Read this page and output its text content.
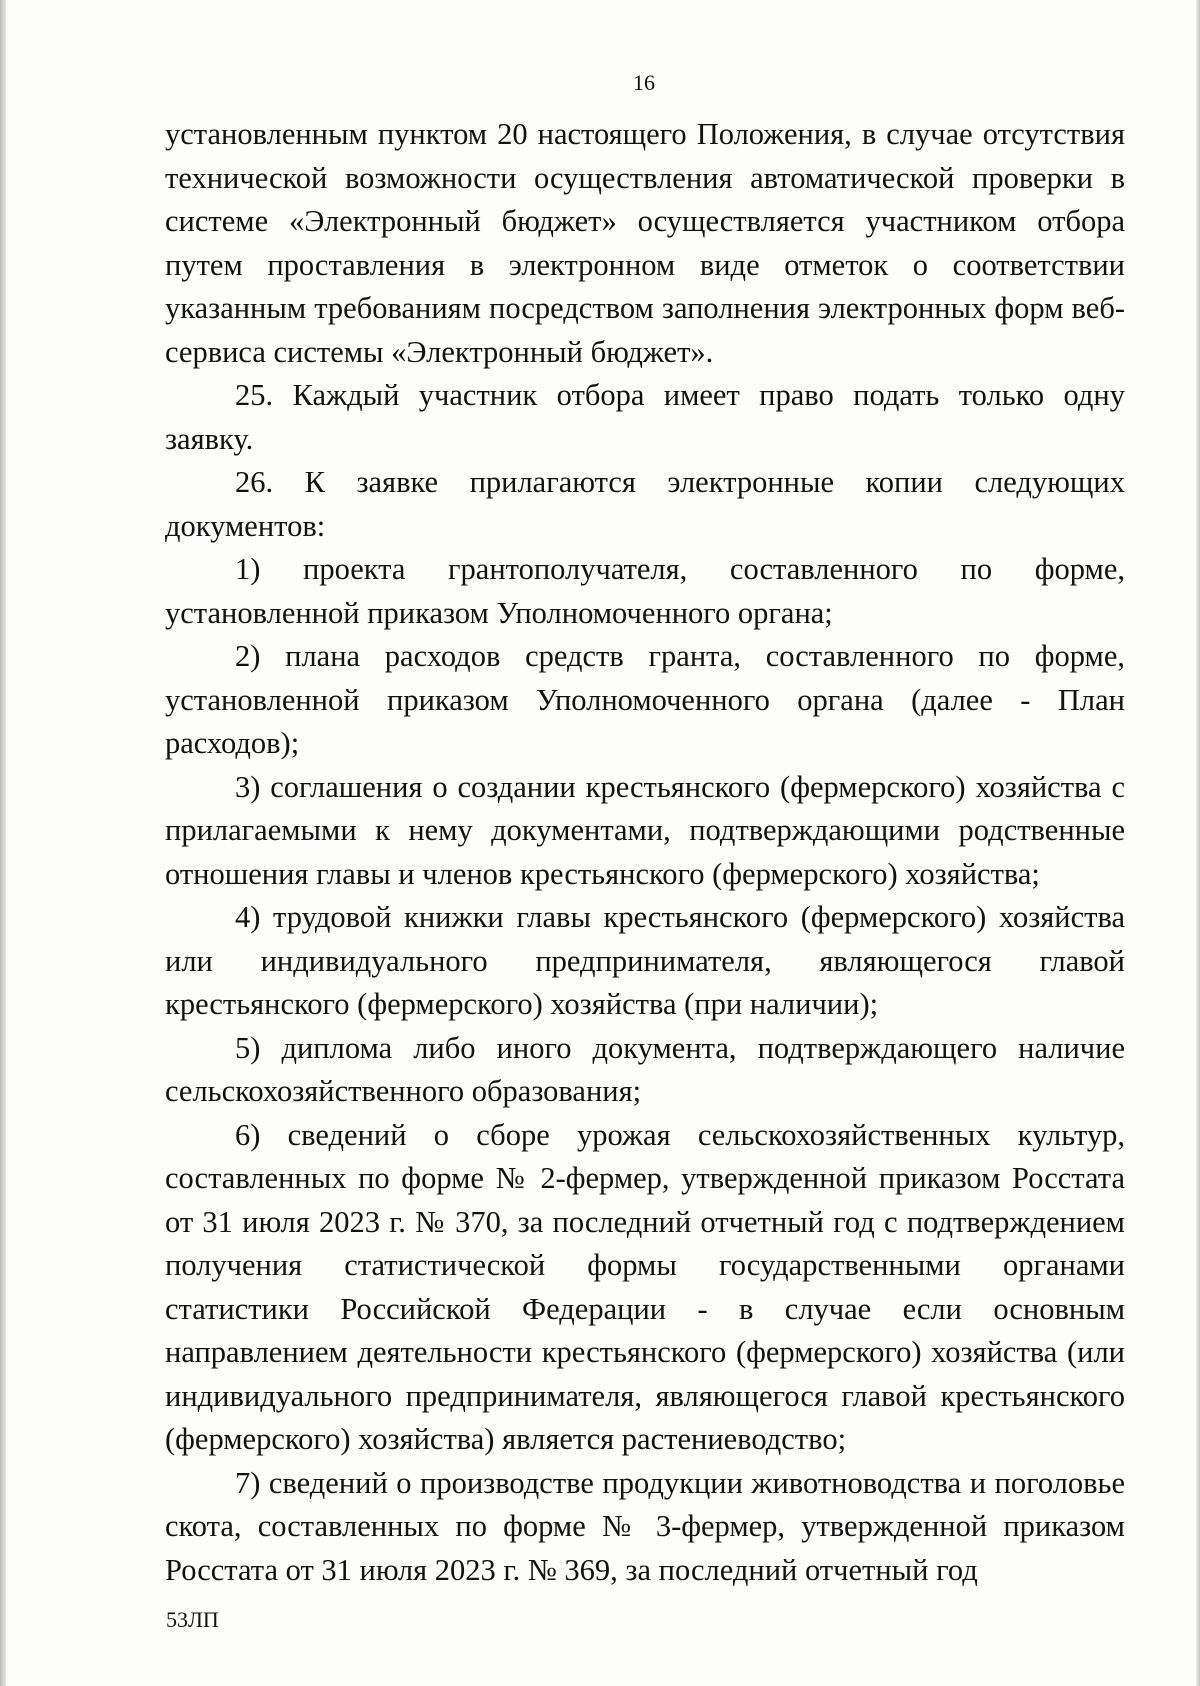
16

установленным пунктом 20 настоящего Положения, в случае отсутствия технической возможности осуществления автоматической проверки в системе «Электронный бюджет» осуществляется участником отбора путем проставления в электронном виде отметок о соответствии указанным требованиям посредством заполнения электронных форм веб-сервиса системы «Электронный бюджет».

25. Каждый участник отбора имеет право подать только одну заявку.

26. К заявке прилагаются электронные копии следующих документов:

1) проекта грантополучателя, составленного по форме, установленной приказом Уполномоченного органа;

2) плана расходов средств гранта, составленного по форме, установленной приказом Уполномоченного органа (далее - План расходов);

3) соглашения о создании крестьянского (фермерского) хозяйства с прилагаемыми к нему документами, подтверждающими родственные отношения главы и членов крестьянского (фермерского) хозяйства;

4) трудовой книжки главы крестьянского (фермерского) хозяйства или индивидуального предпринимателя, являющегося главой крестьянского (фермерского) хозяйства (при наличии);

5) диплома либо иного документа, подтверждающего наличие сельскохозяйственного образования;

6) сведений о сборе урожая сельскохозяйственных культур, составленных по форме № 2-фермер, утвержденной приказом Росстата от 31 июля 2023 г. № 370, за последний отчетный год с подтверждением получения статистической формы государственными органами статистики Российской Федерации - в случае если основным направлением деятельности крестьянского (фермерского) хозяйства (или индивидуального предпринимателя, являющегося главой крестьянского (фермерского) хозяйства) является растениеводство;

7) сведений о производстве продукции животноводства и поголовье скота, составленных по форме № 3-фермер, утвержденной приказом Росстата от 31 июля 2023 г. № 369, за последний отчетный год

53ЛП
